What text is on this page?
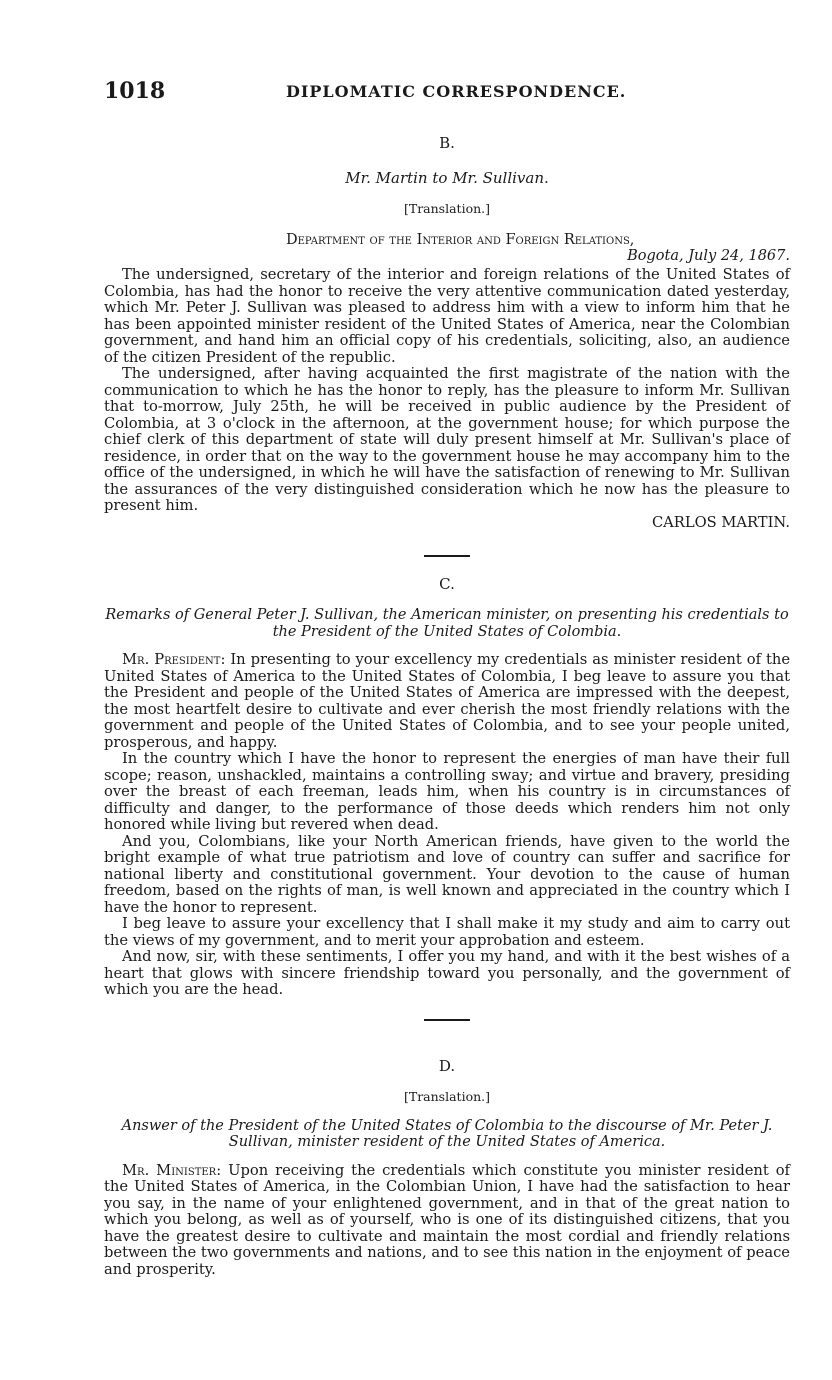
1018	DIPLOMATIC CORRESPONDENCE.

B.

Mr. Martin to Mr. Sullivan.

[Translation.]

Department of the Interior and Foreign Relations,

Bogota, July 24, 1867.

The undersigned, secretary of the interior and foreign relations of the United States of Colombia, has had the honor to receive the very attentive communication dated yesterday, which Mr. Peter J. Sullivan was pleased to address him with a view to inform him that he has been appointed minister resident of the United States of America, near the Colombian government, and hand him an official copy of his credentials, soliciting, also, an audience of the citizen President of the republic.

The undersigned, after having acquainted the first magistrate of the nation with the communication to which he has the honor to reply, has the pleasure to inform Mr. Sullivan that to-morrow, July 25th, he will be received in public audience by the President of Colombia, at 3 o'clock in the afternoon, at the government house; for which purpose the chief clerk of this department of state will duly present himself at Mr. Sullivan's place of residence, in order that on the way to the government house he may accompany him to the office of the undersigned, in which he will have the satisfaction of renewing to Mr. Sullivan the assurances of the very distinguished consideration which he now has the pleasure to present him.

CARLOS MARTIN.

C.

Remarks of General Peter J. Sullivan, the American minister, on presenting his credentials to the President of the United States of Colombia.

Mr. President: In presenting to your excellency my credentials as minister resident of the United States of America to the United States of Colombia, I beg leave to assure you that the President and people of the United States of America are impressed with the deepest, the most heartfelt desire to cultivate and ever cherish the most friendly relations with the government and people of the United States of Colombia, and to see your people united, prosperous, and happy.

In the country which I have the honor to represent the energies of man have their full scope; reason, unshackled, maintains a controlling sway; and virtue and bravery, presiding over the breast of each freeman, leads him, when his country is in circumstances of difficulty and danger, to the performance of those deeds which renders him not only honored while living but revered when dead.

And you, Colombians, like your North American friends, have given to the world the bright example of what true patriotism and love of country can suffer and sacrifice for national liberty and constitutional government. Your devotion to the cause of human freedom, based on the rights of man, is well known and appreciated in the country which I have the honor to represent.

I beg leave to assure your excellency that I shall make it my study and aim to carry out the views of my government, and to merit your approbation and esteem.

And now, sir, with these sentiments, I offer you my hand, and with it the best wishes of a heart that glows with sincere friendship toward you personally, and the government of which you are the head.

D.

[Translation.]

Answer of the President of the United States of Colombia to the discourse of Mr. Peter J. Sullivan, minister resident of the United States of America.

Mr. Minister: Upon receiving the credentials which constitute you minister resident of the United States of America, in the Colombian Union, I have had the satisfaction to hear you say, in the name of your enlightened government, and in that of the great nation to which you belong, as well as of yourself, who is one of its distinguished citizens, that you have the greatest desire to cultivate and maintain the most cordial and friendly relations between the two governments and nations, and to see this nation in the enjoyment of peace and prosperity.
